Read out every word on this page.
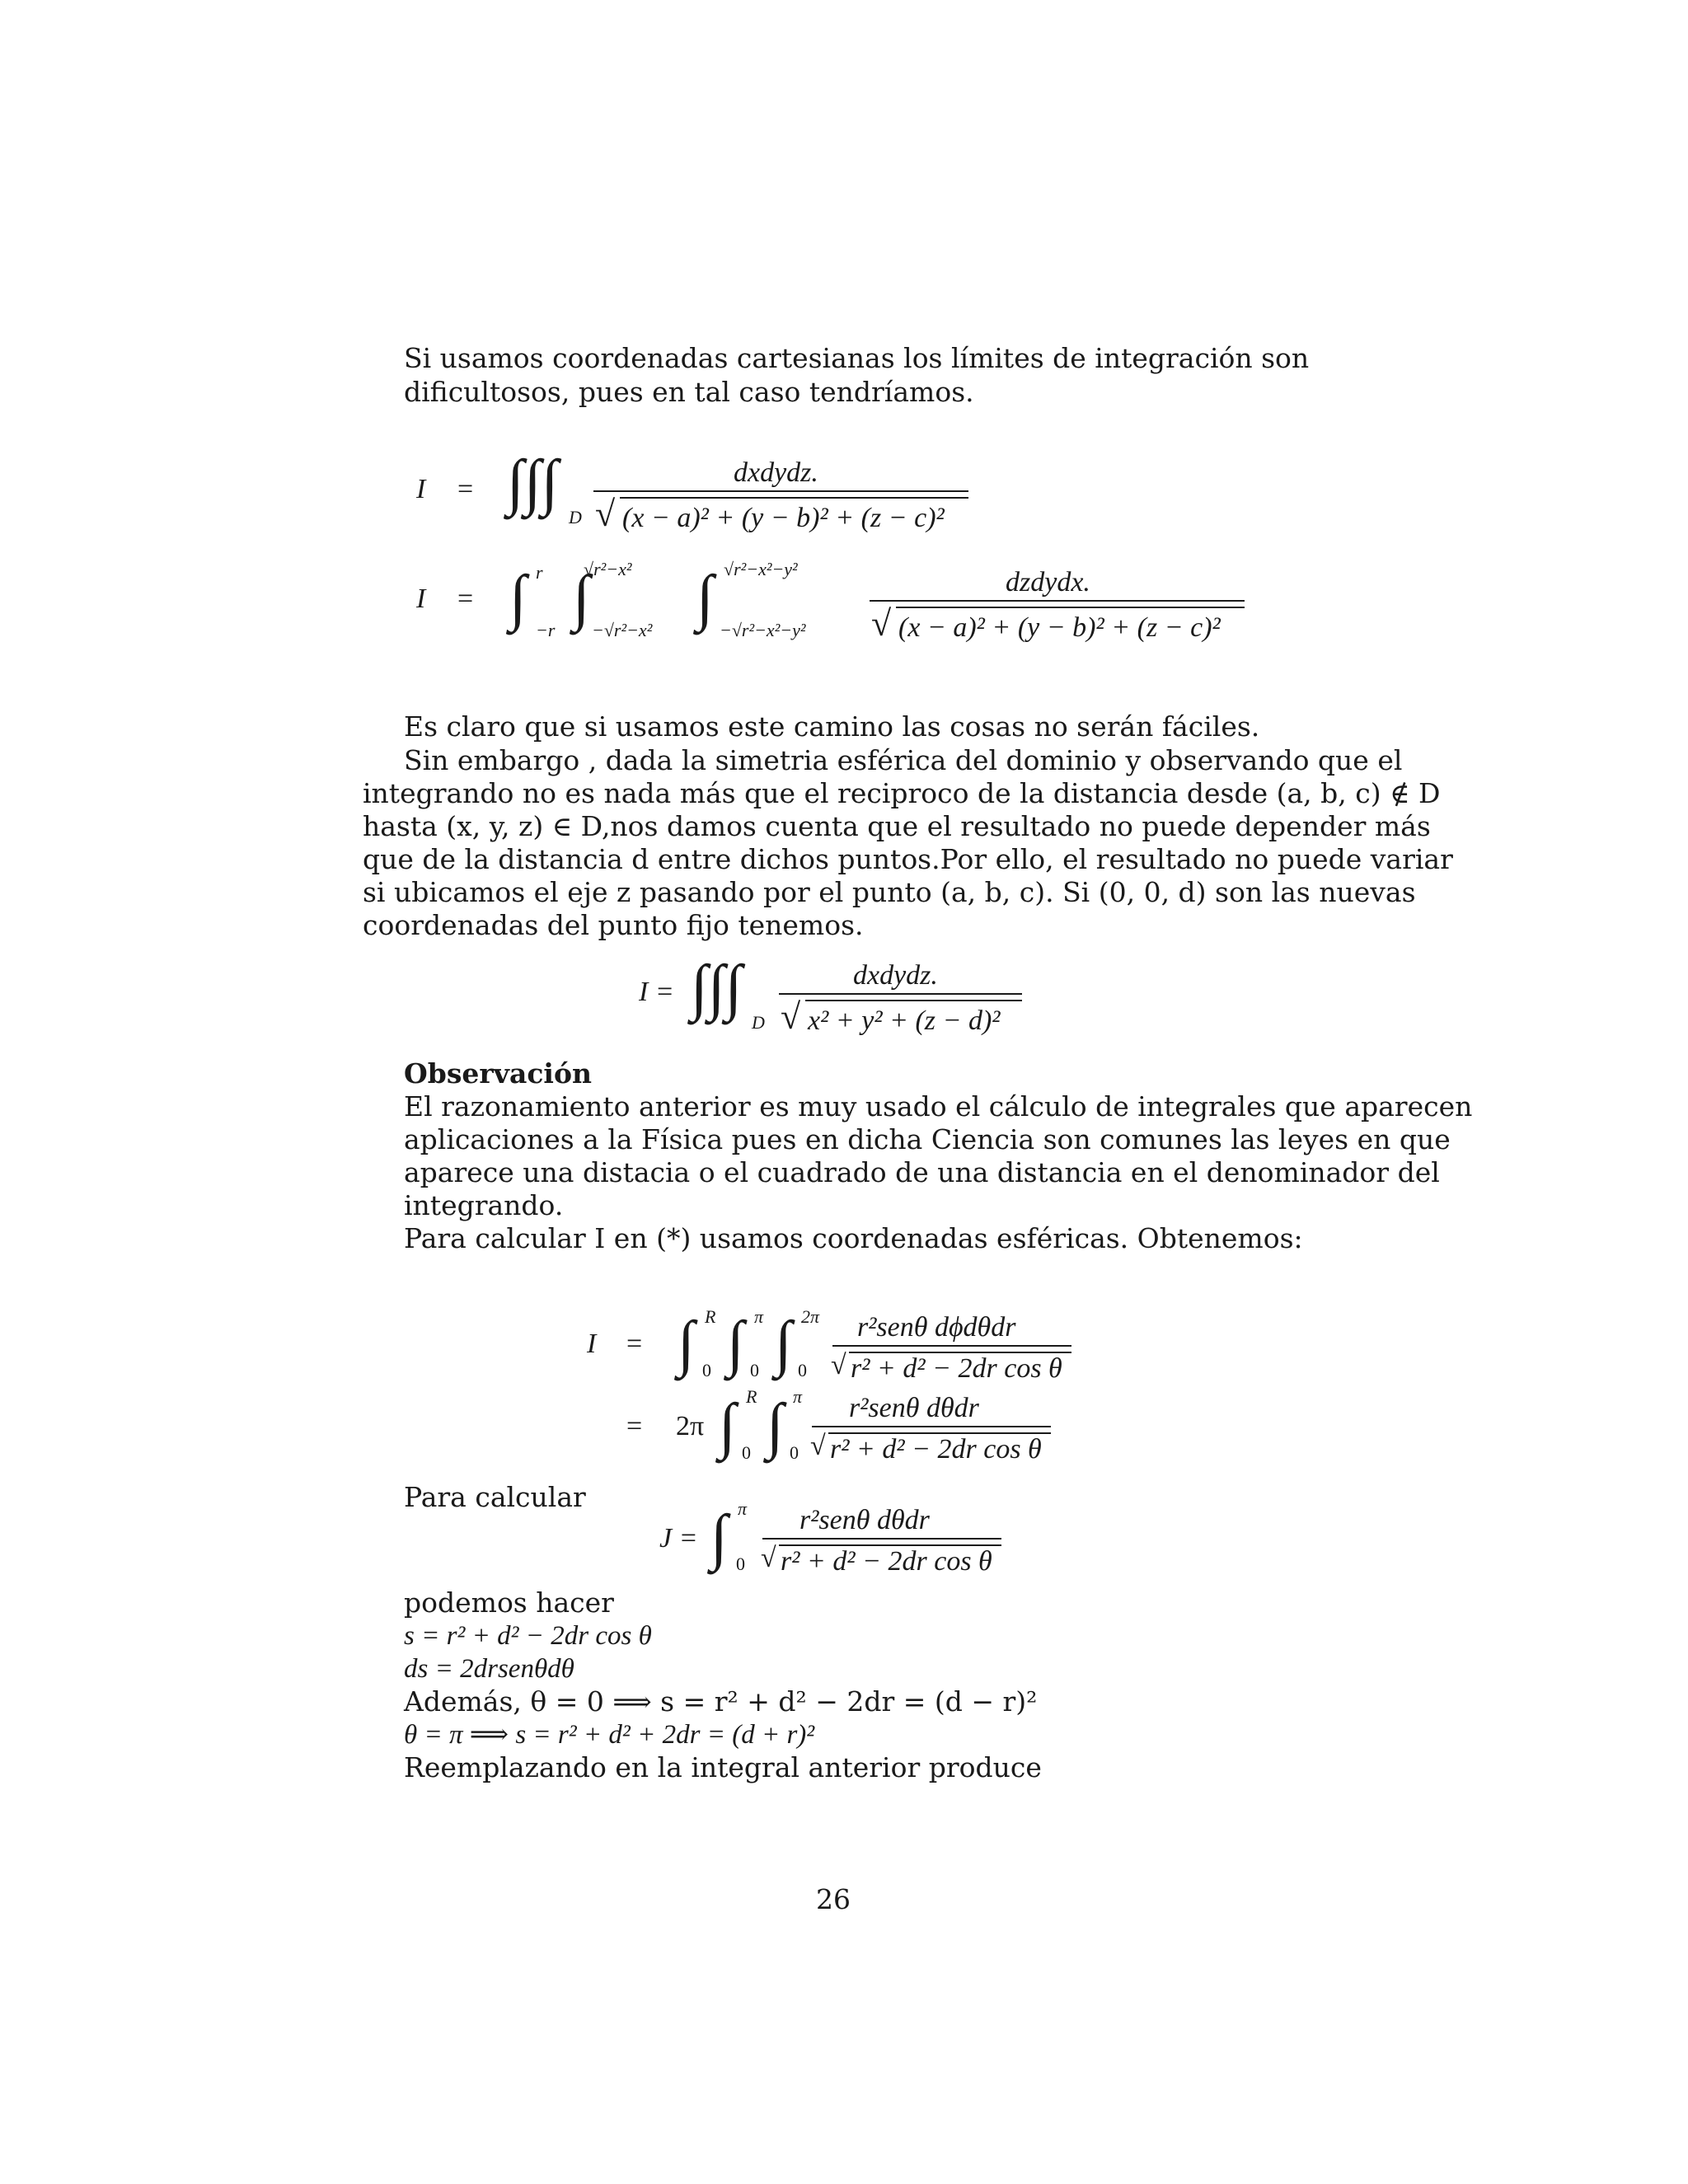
Si usamos coordenadas cartesianas los límites de integración son
dificultosos, pues en tal caso tendríamos.
I = ∫∫∫
D
dxdydz.
√ (x − a)² + (y − b)² + (z − c)²
I = ∫ r
−r ∫
√r²−x²
−√r²−x² ∫ √r²−x²−y²
−√r²−x²−y²
dzdydx.
√ (x − a)² + (y − b)² + (z − c)²
Es claro que si usamos este camino las cosas no serán fáciles.
Sin embargo , dada la simetria esférica del dominio y observando que el
integrando no es nada más que el reciproco de la distancia desde (a, b, c) ∉ D
hasta (x, y, z) ∈ D,nos damos cuenta que el resultado no puede depender más
que de la distancia d entre dichos puntos.Por ello, el resultado no puede variar
si ubicamos el eje z pasando por el punto (a, b, c). Si (0, 0, d) son las nuevas
coordenadas del punto fijo tenemos.
I = ∫∫∫
D
dxdydz.
√ x² + y² + (z − d)²
Observación
El razonamiento anterior es muy usado el cálculo de integrales que aparecen
aplicaciones a la Física pues en dicha Ciencia son comunes las leyes en que
aparece una distacia o el cuadrado de una distancia en el denominador del
integrando.
Para calcular I en (*) usamos coordenadas esféricas. Obtenemos:
I = ∫ R
0 ∫ π
0 ∫ 2π
0
r²senθ dϕdθdr
√ r² + d² − 2dr cos θ
= 2π ∫ R
0 ∫ π
0
r²senθ dθdr
√ r² + d² − 2dr cos θ
Para calcular
J = ∫ π
0
r²senθ dθdr
√ r² + d² − 2dr cos θ
podemos hacer
s = r² + d² − 2dr cos θ
ds = 2drsenθdθ
Además, θ = 0 ⟹ s = r² + d² − 2dr = (d − r)²
θ = π ⟹ s = r² + d² + 2dr = (d + r)²
Reemplazando en la integral anterior produce
26
